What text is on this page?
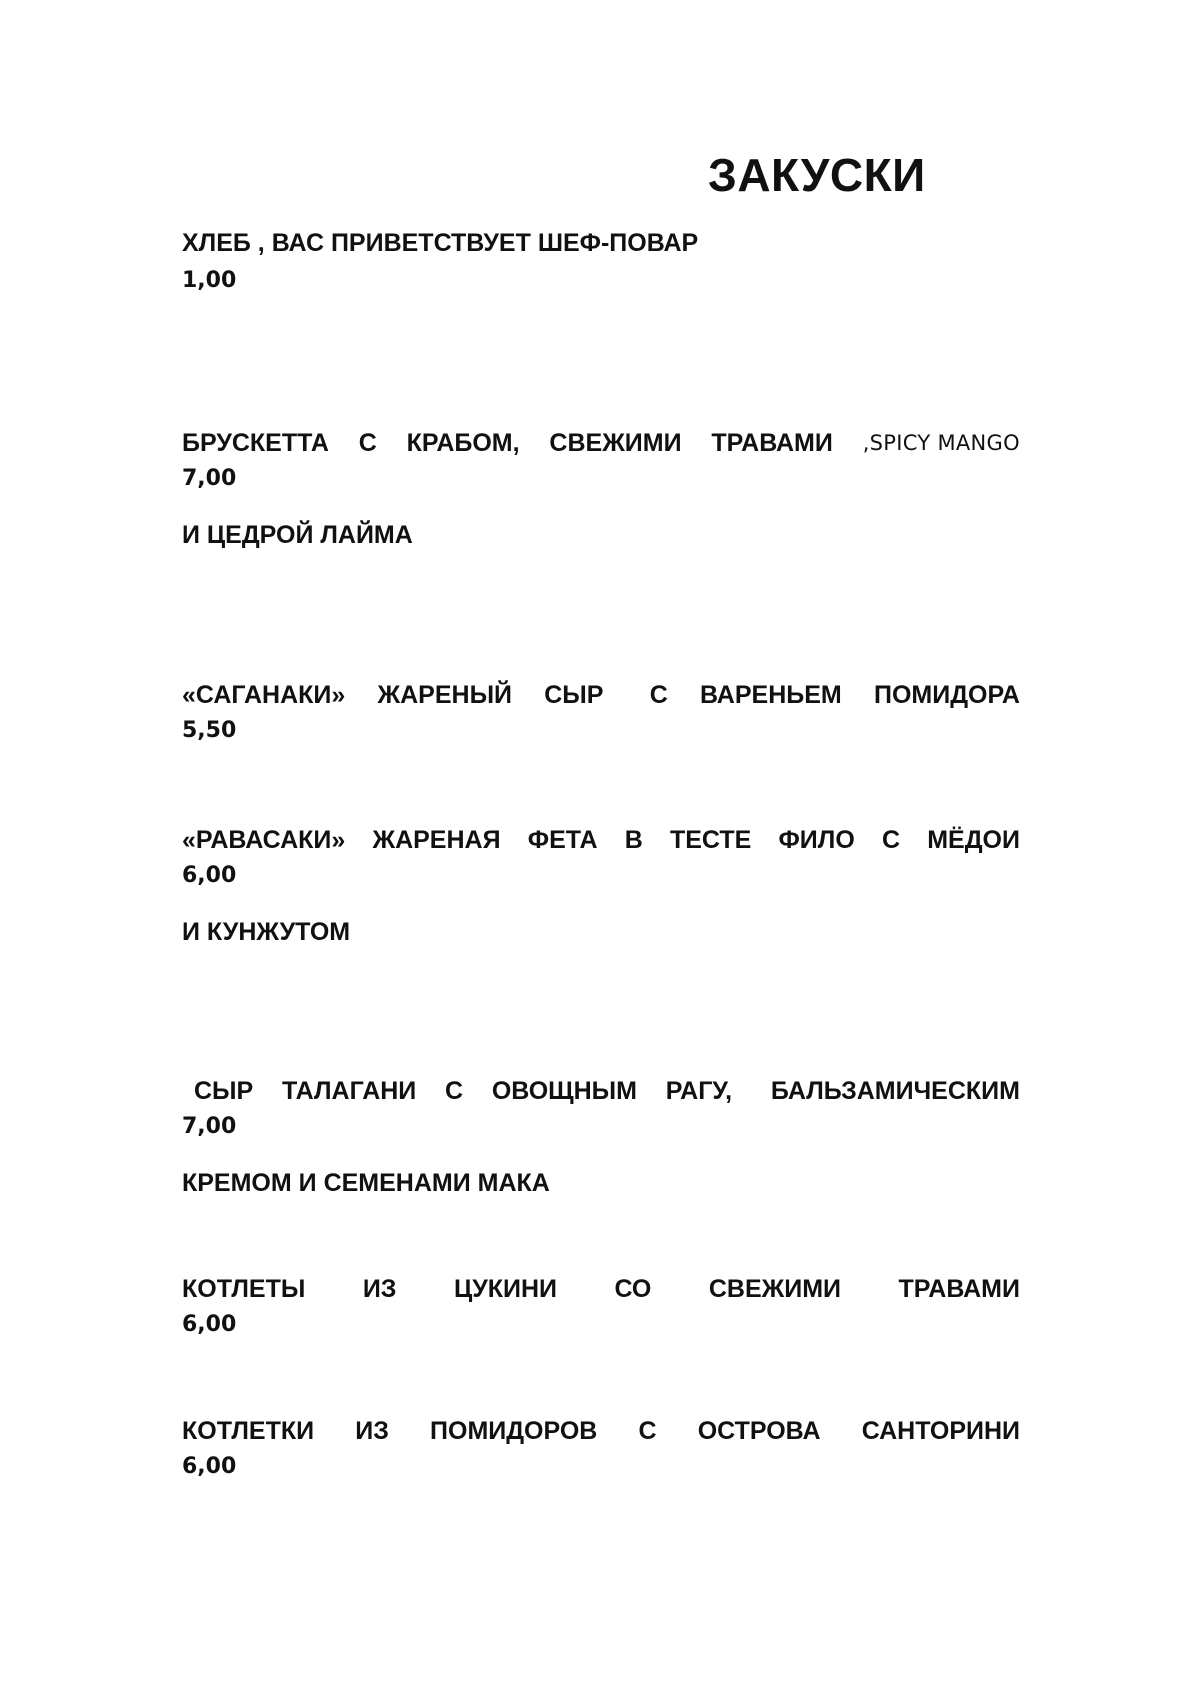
ЗАКУСКИ
ХЛЕБ , ВАС ПРИВЕТСТВУЕТ ШЕФ-ПОВАР
1,00
БРУСКЕТТА С КРАБОМ, СВЕЖИМИ ТРАВАМИ ,SPICY MANGO
7,00
И ЦЕДРОЙ ЛАЙМА
«САГАНАКИ» ЖАРЕНЫЙ СЫР С ВАРЕНЬЕМ ПОМИДОРА
5,50
«РАВАСАКИ» ЖАРЕНАЯ ФЕТА В ТЕСТЕ ФИЛО С МЁДОИ
6,00
И КУНЖУТОМ
СЫР ТАЛАГАНИ С ОВОЩНЫМ РАГУ, БАЛЬЗАМИЧЕСКИМ
7,00
КРЕМОМ И СЕМЕНАМИ МАКА
КОТЛЕТЫ ИЗ ЦУКИНИ СО СВЕЖИМИ ТРАВАМИ
6,00
КОТЛЕТКИ ИЗ ПОМИДОРОВ С ОСТРОВА САНТОРИНИ
6,00
